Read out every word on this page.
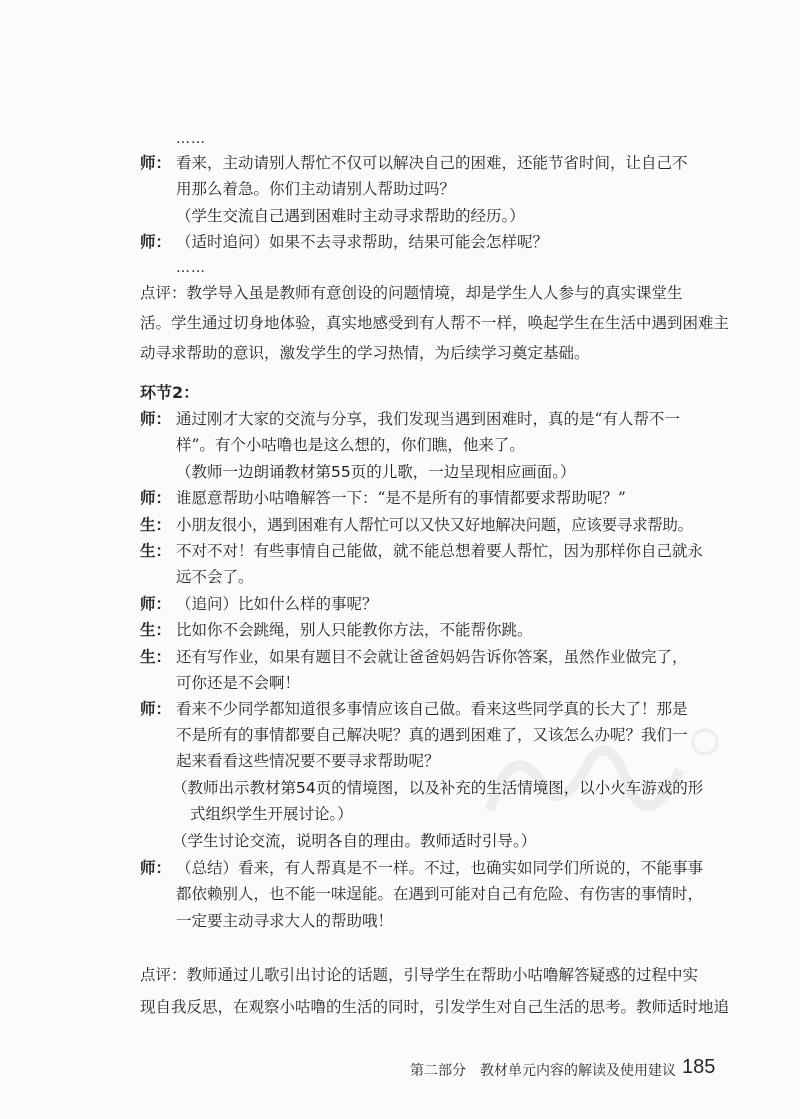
……
师： 看来，主动请别人帮忙不仅可以解决自己的困难，还能节省时间，让自己不
用那么着急。你们主动请别人帮助过吗？
（学生交流自己遇到困难时主动寻求帮助的经历。）
师： （适时追问）如果不去寻求帮助，结果可能会怎样呢？
……
点评：教学导入虽是教师有意创设的问题情境，却是学生人人参与的真实课堂生
活。学生通过切身地体验，真实地感受到有人帮不一样，唤起学生在生活中遇到困难主
动寻求帮助的意识，激发学生的学习热情，为后续学习奠定基础。
环节2：
师： 通过刚才大家的交流与分享，我们发现当遇到困难时，真的是“有人帮不一
样”。有个小咕噜也是这么想的，你们瞧，他来了。
（教师一边朗诵教材第55页的儿歌，一边呈现相应画面。）
师： 谁愿意帮助小咕噜解答一下：“是不是所有的事情都要求帮助呢？”
生： 小朋友很小，遇到困难有人帮忙可以又快又好地解决问题，应该要寻求帮助。
生： 不对不对！有些事情自己能做，就不能总想着要人帮忙，因为那样你自己就永
远不会了。
师： （追问）比如什么样的事呢？
生： 比如你不会跳绳，别人只能教你方法，不能帮你跳。
生： 还有写作业，如果有题目不会就让爸爸妈妈告诉你答案，虽然作业做完了，
可你还是不会啊！
师： 看来不少同学都知道很多事情应该自己做。看来这些同学真的长大了！那是
不是所有的事情都要自己解决呢？真的遇到困难了，又该怎么办呢？我们一
起来看看这些情况要不要寻求帮助呢？
（教师出示教材第54页的情境图，以及补充的生活情境图，以小火车游戏的形
式组织学生开展讨论。）
（学生讨论交流，说明各自的理由。教师适时引导。）
师： （总结）看来，有人帮真是不一样。不过，也确实如同学们所说的，不能事事
都依赖别人，也不能一味逞能。在遇到可能对自己有危险、有伤害的事情时，
一定要主动寻求大人的帮助哦！
点评：教师通过儿歌引出讨论的话题，引导学生在帮助小咕噜解答疑惑的过程中实
现自我反思，在观察小咕噜的生活的同时，引发学生对自己生活的思考。教师适时地追
第二部分　教材单元内容的解读及使用建议 185
